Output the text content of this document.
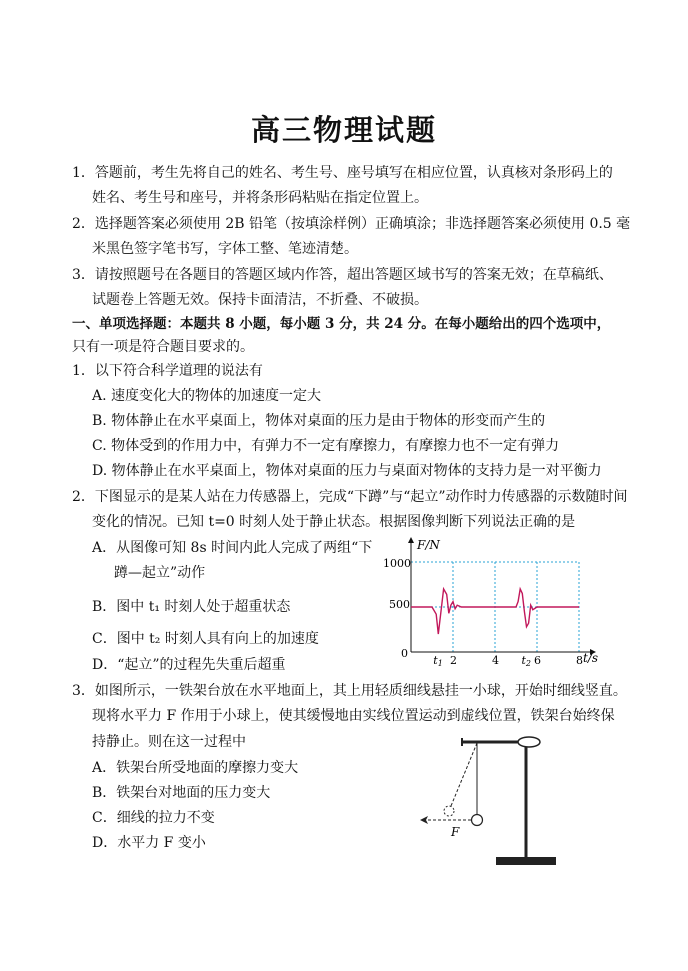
高三物理试题
1．答题前，考生先将自己的姓名、考生号、座号填写在相应位置，认真核对条形码上的
姓名、考生号和座号，并将条形码粘贴在指定位置上。
2．选择题答案必须使用 2B 铅笔（按填涂样例）正确填涂；非选择题答案必须使用 0.5 毫
米黑色签字笔书写，字体工整、笔迹清楚。
3．请按照题号在各题目的答题区域内作答，超出答题区域书写的答案无效；在草稿纸、
试题卷上答题无效。保持卡面清洁，不折叠、不破损。
一、单项选择题：本题共 8 小题，每小题 3 分，共 24 分。在每小题给出的四个选项中，
只有一项是符合题目要求的。
1．以下符合科学道理的说法有
A. 速度变化大的物体的加速度一定大
B. 物体静止在水平桌面上，物体对桌面的压力是由于物体的形变而产生的
C. 物体受到的作用力中，有弹力不一定有摩擦力，有摩擦力也不一定有弹力
D. 物体静止在水平桌面上，物体对桌面的压力与桌面对物体的支持力是一对平衡力
2．下图显示的是某人站在力传感器上，完成“下蹲”与“起立”动作时力传感器的示数随时间
变化的情况。已知 t=0 时刻人处于静止状态。根据图像判断下列说法正确的是
A．从图像可知 8s 时间内此人完成了两组“下
蹲—起立”动作
B．图中 t₁ 时刻人处于超重状态
C．图中 t₂ 时刻人具有向上的加速度
D．“起立”的过程先失重后超重
F/N
t/s
0
500
1000
t1 2	4 t2 6	8
3．如图所示，一铁架台放在水平地面上，其上用轻质细线悬挂一小球，开始时细线竖直。
现将水平力 F 作用于小球上，使其缓慢地由实线位置运动到虚线位置，铁架台始终保
持静止。则在这一过程中
A．铁架台所受地面的摩擦力变大
B．铁架台对地面的压力变大
C．细线的拉力不变
D．水平力 F 变小
F
